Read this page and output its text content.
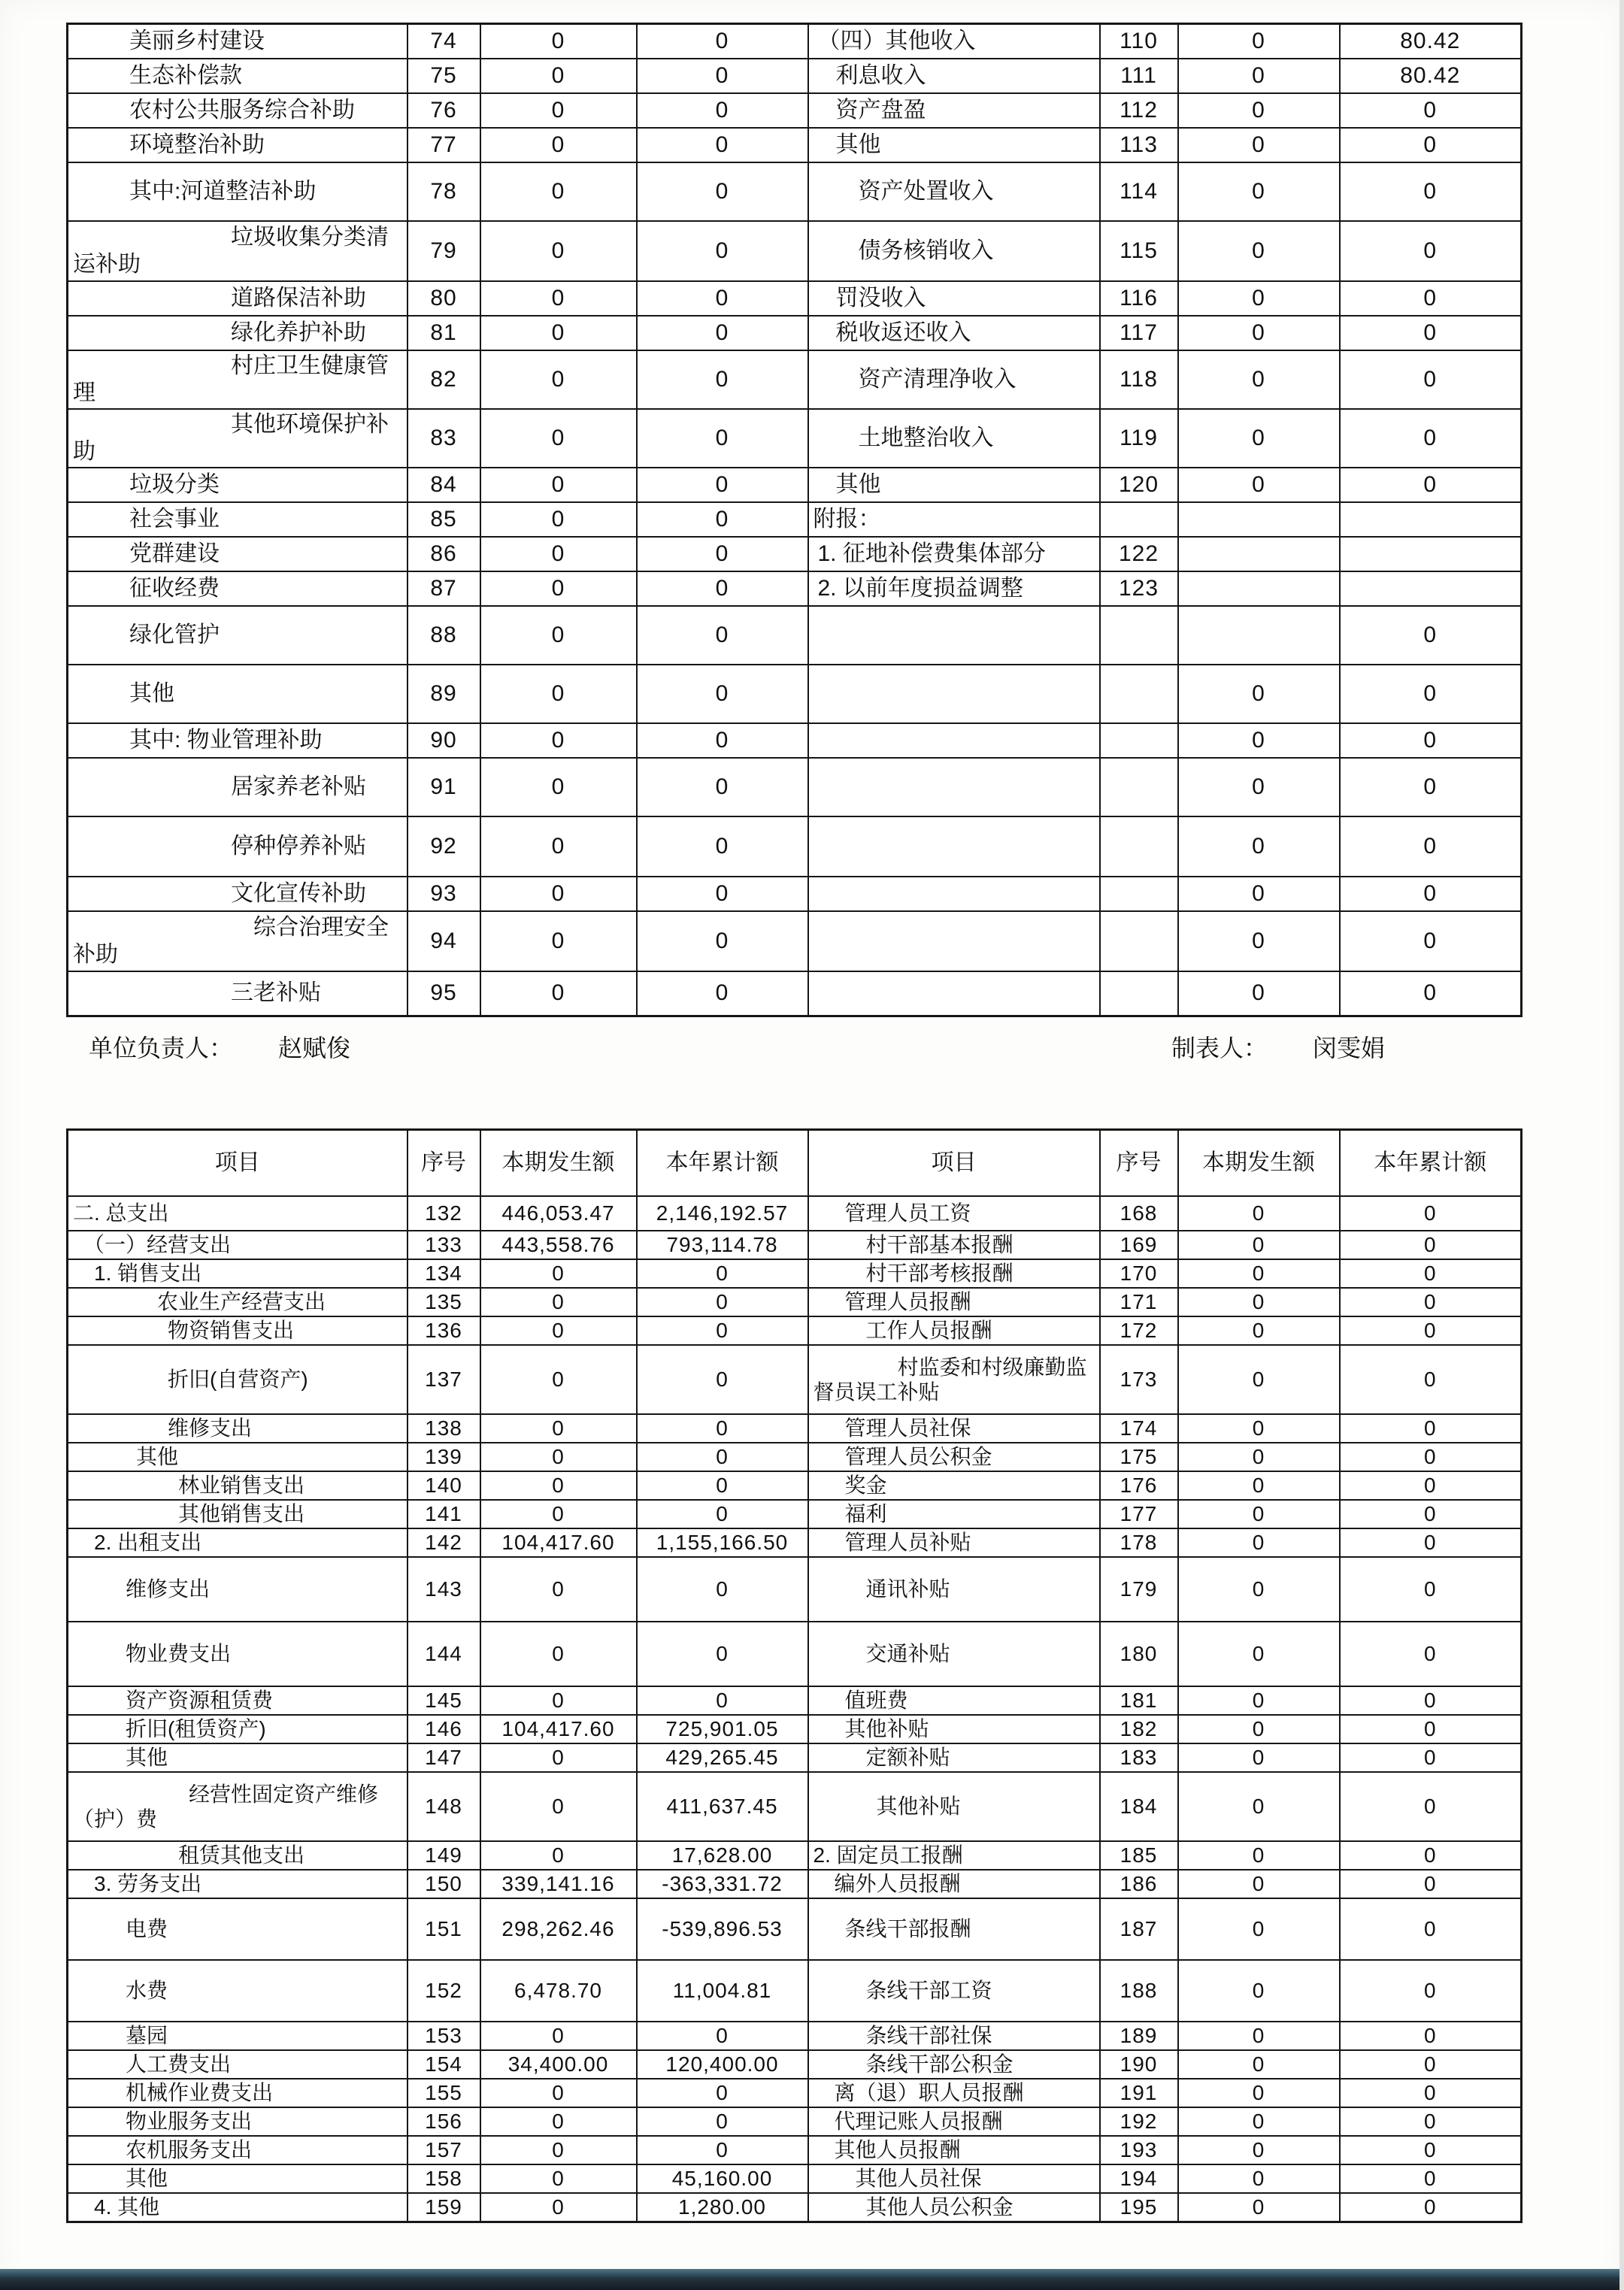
美丽乡村建设	74	0	0	（四）其他收入	110	0	80.42
生态补偿款	75	0	0	利息收入	111	0	80.42
农村公共服务综合补助	76	0	0	资产盘盈	112	0	0
环境整治补助	77	0	0	其他	113	0	0
其中:河道整洁补助	78	0	0	资产处置收入	114	0	0
垃圾收集分类清运补助	79	0	0	债务核销收入	115	0	0
道路保洁补助	80	0	0	罚没收入	116	0	0
绿化养护补助	81	0	0	税收返还收入	117	0	0
村庄卫生健康管理	82	0	0	资产清理净收入	118	0	0
其他环境保护补助	83	0	0	土地整治收入	119	0	0
垃圾分类	84	0	0	其他	120	0	0
社会事业	85	0	0	附报：			
党群建设	86	0	0	1. 征地补偿费集体部分	122		
征收经费	87	0	0	2. 以前年度损益调整	123		
绿化管护	88	0	0				0
其他	89	0	0			0	0
其中: 物业管理补助	90	0	0			0	0
居家养老补贴	91	0	0			0	0
停种停养补贴	92	0	0			0	0
文化宣传补助	93	0	0			0	0
综合治理安全补助	94	0	0			0	0
三老补贴	95	0	0			0	0
单位负责人： 赵赋俊	制表人： 闵雯娟
项目	序号	本期发生额	本年累计额	项目	序号	本期发生额	本年累计额
二. 总支出	132	446,053.47	2,146,192.57	管理人员工资	168	0	0
（一）经营支出	133	443,558.76	793,114.78	村干部基本报酬	169	0	0
1. 销售支出	134	0	0	村干部考核报酬	170	0	0
农业生产经营支出	135	0	0	管理人员报酬	171	0	0
物资销售支出	136	0	0	工作人员报酬	172	0	0
折旧(自营资产)	137	0	0	村监委和村级廉勤监督员误工补贴	173	0	0
维修支出	138	0	0	管理人员社保	174	0	0
其他	139	0	0	管理人员公积金	175	0	0
林业销售支出	140	0	0	奖金	176	0	0
其他销售支出	141	0	0	福利	177	0	0
2. 出租支出	142	104,417.60	1,155,166.50	管理人员补贴	178	0	0
维修支出	143	0	0	通讯补贴	179	0	0
物业费支出	144	0	0	交通补贴	180	0	0
资产资源租赁费	145	0	0	值班费	181	0	0
折旧(租赁资产)	146	104,417.60	725,901.05	其他补贴	182	0	0
其他	147	0	429,265.45	定额补贴	183	0	0
经营性固定资产维修（护）费	148	0	411,637.45	其他补贴	184	0	0
租赁其他支出	149	0	17,628.00	2. 固定员工报酬	185	0	0
3. 劳务支出	150	339,141.16	-363,331.72	编外人员报酬	186	0	0
电费	151	298,262.46	-539,896.53	条线干部报酬	187	0	0
水费	152	6,478.70	11,004.81	条线干部工资	188	0	0
墓园	153	0	0	条线干部社保	189	0	0
人工费支出	154	34,400.00	120,400.00	条线干部公积金	190	0	0
机械作业费支出	155	0	0	离（退）职人员报酬	191	0	0
物业服务支出	156	0	0	代理记账人员报酬	192	0	0
农机服务支出	157	0	0	其他人员报酬	193	0	0
其他	158	0	45,160.00	其他人员社保	194	0	0
4. 其他	159	0	1,280.00	其他人员公积金	195	0	0
